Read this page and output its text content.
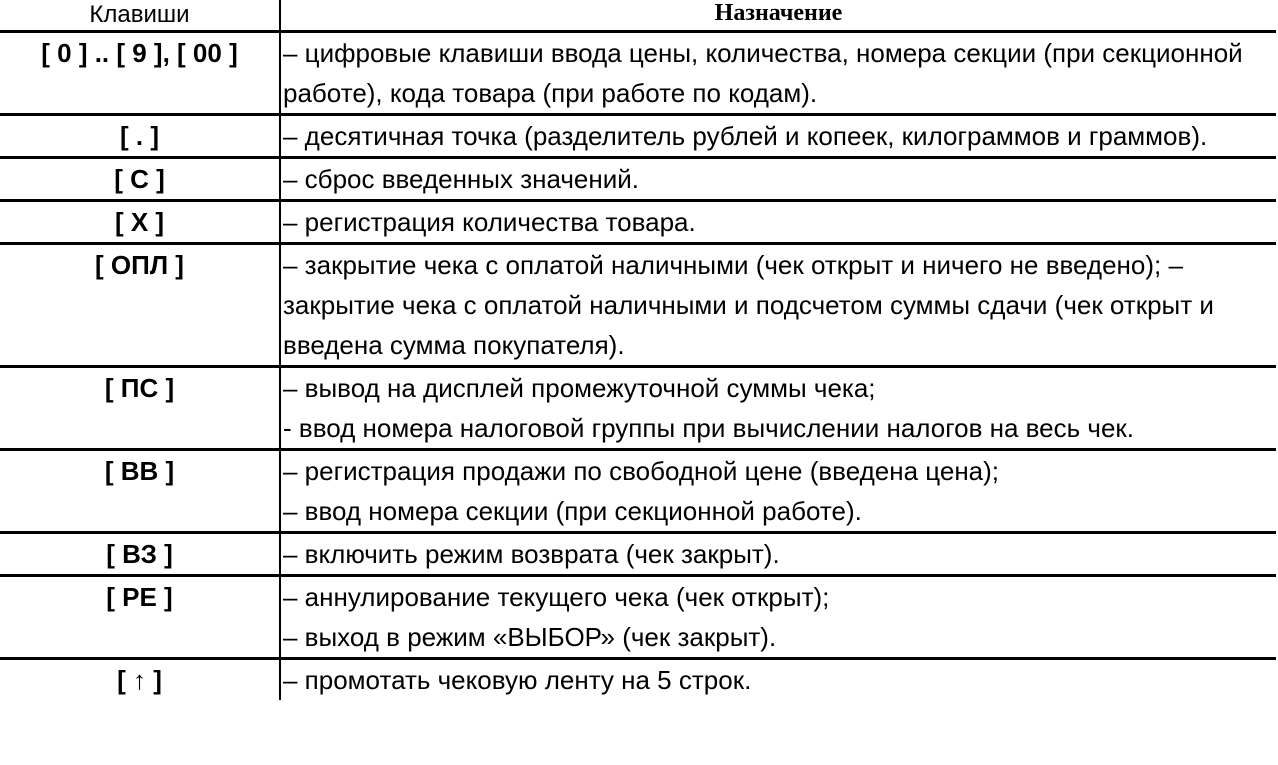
Клавиши	Назначение
[ 0 ] .. [ 9 ], [ 00 ]	– цифровые клавиши ввода цены, количества, номера секции (при секционной работе), кода товара (при работе по кодам).
[ . ]	– десятичная точка (разделитель рублей и копеек, килограммов и граммов).
[ С ]	– сброс введенных значений.

[ Х ]	– регистрация количества товара.

[ ОПЛ ]	– закрытие чека с оплатой наличными (чек открыт и ничего не введено); – закрытие чека с оплатой наличными и подсчетом суммы сдачи (чек открыт и введена сумма покупателя).
[ ПС ]	– вывод на дисплей промежуточной суммы чека;
- ввод номера налоговой группы при вычислении налогов на весь чек.

[ ВВ ]	– регистрация продажи по свободной цене (введена цена);
– ввод номера секции (при секционной работе).

[ ВЗ ]	– включить режим возврата (чек закрыт).

[ РЕ ]	– аннулирование текущего чека (чек открыт);
– выход в режим «ВЫБОР» (чек закрыт).

[ ↑ ]	– промотать чековую ленту на 5 строк.
